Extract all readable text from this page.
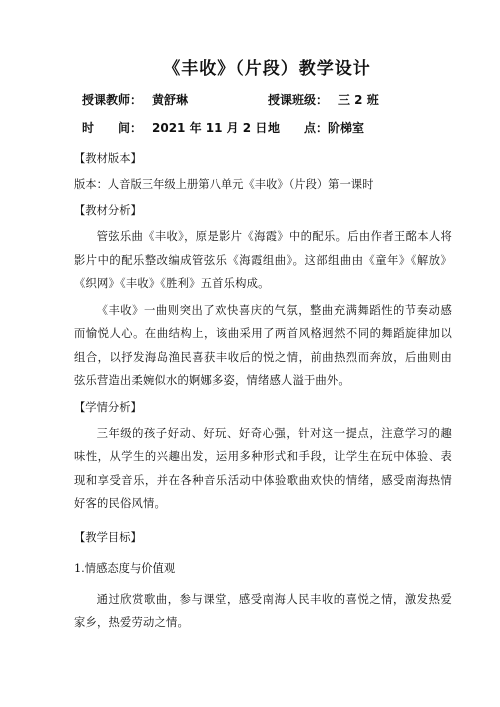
《丰收》（片段）教学设计
授课教师： 黄舒琳	授课班级： 三 2 班
时　　间： 2021 年 11 月 2 日 地　　点： 阶梯室
【教材版本】
版本：人音版三年级上册第八单元《丰收》（片段）第一课时
【教材分析】

管弦乐曲《丰收》，原是影片《海霞》中的配乐。后由作者王酩本人将影片中的配乐整改编成管弦乐《海霞组曲》。这部组曲由《童年》《解放》《织网》《丰收》《胜利》五首乐构成。

《丰收》一曲则突出了欢快喜庆的气氛，整曲充满舞蹈性的节奏动感而愉悦人心。在曲结构上，该曲采用了两首风格迥然不同的舞蹈旋律加以组合，以抒发海岛渔民喜获丰收后的悦之情，前曲热烈而奔放，后曲则由弦乐营造出柔婉似水的婀娜多姿，情绪感人溢于曲外。

【学情分析】

三年级的孩子好动、好玩、好奇心强，针对这一提点，注意学习的趣味性，从学生的兴趣出发，运用多种形式和手段，让学生在玩中体验、表现和享受音乐，并在各种音乐活动中体验歌曲欢快的情绪，感受南海热情好客的民俗风情。

【教学目标】
1.情感态度与价值观

通过欣赏歌曲，参与课堂，感受南海人民丰收的喜悦之情，激发热爱家乡，热爱劳动之情。
